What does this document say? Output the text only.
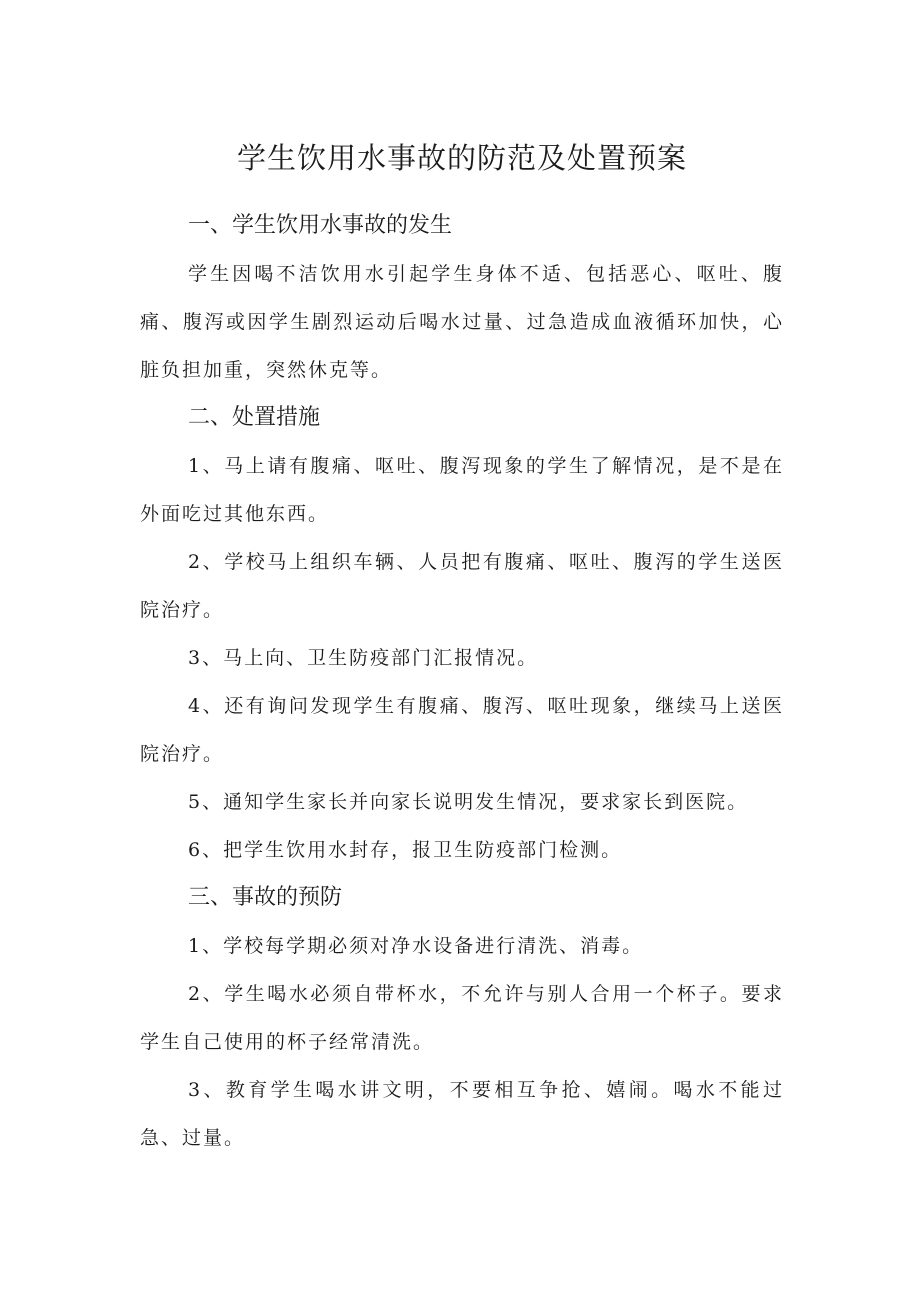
学生饮用水事故的防范及处置预案
一、学生饮用水事故的发生

学生因喝不洁饮用水引起学生身体不适、包括恶心、呕吐、腹痛、腹泻或因学生剧烈运动后喝水过量、过急造成血液循环加快，心脏负担加重，突然休克等。

二、处置措施

1、马上请有腹痛、呕吐、腹泻现象的学生了解情况，是不是在外面吃过其他东西。

2、学校马上组织车辆、人员把有腹痛、呕吐、腹泻的学生送医院治疗。

3、马上向、卫生防疫部门汇报情况。

4、还有询问发现学生有腹痛、腹泻、呕吐现象，继续马上送医院治疗。

5、通知学生家长并向家长说明发生情况，要求家长到医院。

6、把学生饮用水封存，报卫生防疫部门检测。

三、事故的预防

1、学校每学期必须对净水设备进行清洗、消毒。

2、学生喝水必须自带杯水，不允许与别人合用一个杯子。要求学生自己使用的杯子经常清洗。

3、教育学生喝水讲文明，不要相互争抢、嬉闹。喝水不能过急、过量。
